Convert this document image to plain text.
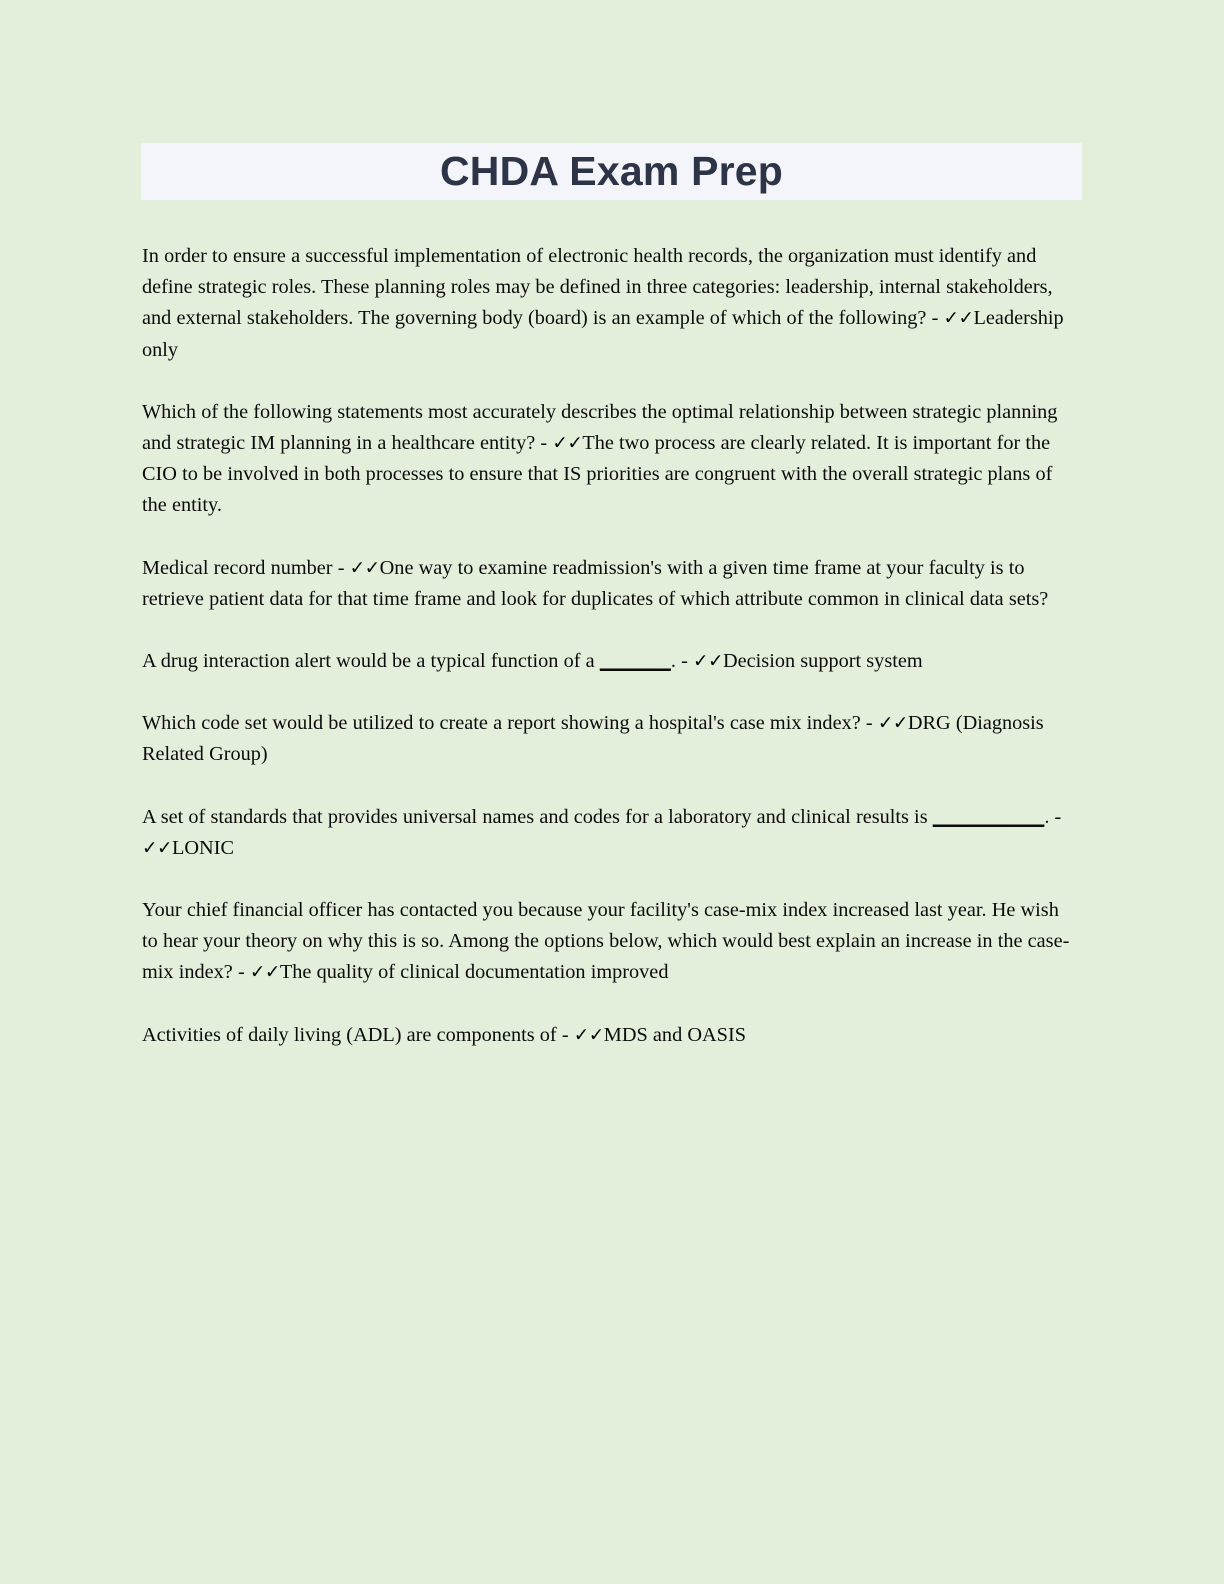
CHDA Exam Prep

In order to ensure a successful implementation of electronic health records, the organization must identify and define strategic roles. These planning roles may be defined in three categories: leadership, internal stakeholders, and external stakeholders. The governing body (board) is an example of which of the following? - ✓✓Leadership only

Which of the following statements most accurately describes the optimal relationship between strategic planning and strategic IM planning in a healthcare entity? - ✓✓The two process are clearly related. It is important for the CIO to be involved in both processes to ensure that IS priorities are congruent with the overall strategic plans of the entity.

Medical record number - ✓✓One way to examine readmission's with a given time frame at your faculty is to retrieve patient data for that time frame and look for duplicates of which attribute common in clinical data sets?

A drug interaction alert would be a typical function of a _______. - ✓✓Decision support system

Which code set would be utilized to create a report showing a hospital's case mix index? - ✓✓DRG (Diagnosis Related Group)

A set of standards that provides universal names and codes for a laboratory and clinical results is ___________. - ✓✓LONIC

Your chief financial officer has contacted you because your facility's case-mix index increased last year. He wish to hear your theory on why this is so. Among the options below, which would best explain an increase in the case-mix index? - ✓✓The quality of clinical documentation improved

Activities of daily living (ADL) are components of - ✓✓MDS and OASIS
